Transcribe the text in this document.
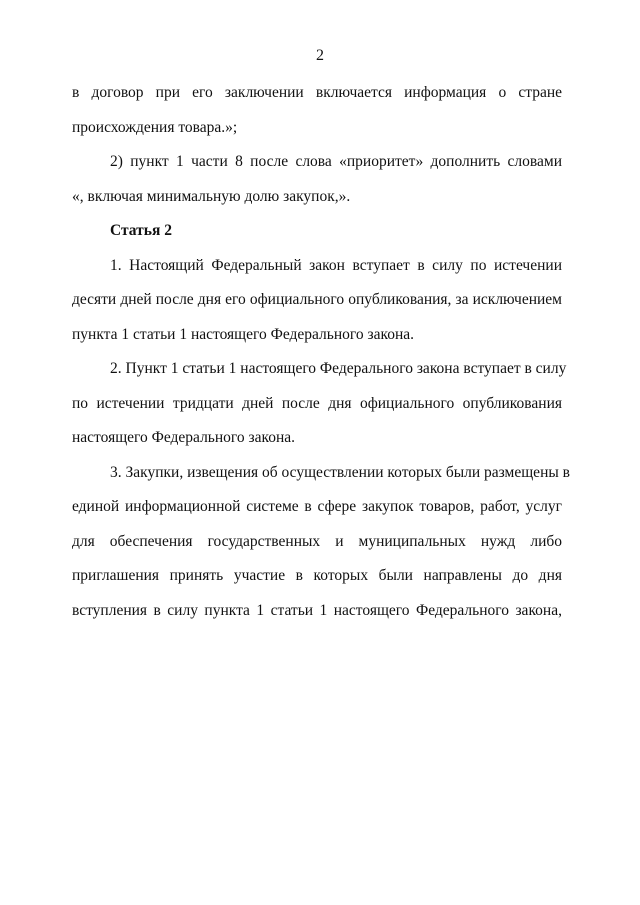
2
в договор при его заключении включается информация о стране
происхождения товара.»;
2) пункт 1 части 8 после слова «приоритет» дополнить словами
«, включая минимальную долю закупок,».
Статья 2
1. Настоящий Федеральный закон вступает в силу по истечении
десяти дней после дня его официального опубликования, за исключением
пункта 1 статьи 1 настоящего Федерального закона.
2. Пункт 1 статьи 1 настоящего Федерального закона вступает в силу
по истечении тридцати дней после дня официального опубликования
настоящего Федерального закона.
3. Закупки, извещения об осуществлении которых были размещены в
единой информационной системе в сфере закупок товаров, работ, услуг
для обеспечения государственных и муниципальных нужд либо
приглашения принять участие в которых были направлены до дня
вступления в силу пункта 1 статьи 1 настоящего Федерального закона,
